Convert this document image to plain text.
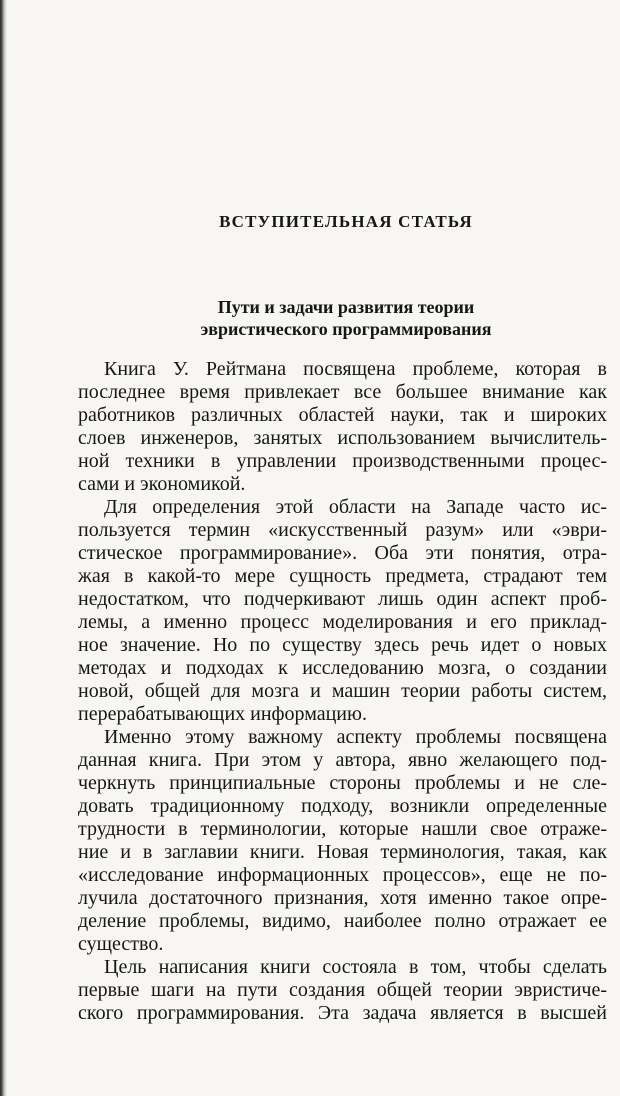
ВСТУПИТЕЛЬНАЯ СТАТЬЯ
Пути и задачи развития теории
эвристического программирования
Книга У. Рейтмана посвящена проблеме, которая в
последнее время привлекает все большее внимание как
работников различных областей науки, так и широких
слоев инженеров, занятых использованием вычислитель-
ной техники в управлении производственными процес-
сами и экономикой.
Для определения этой области на Западе часто ис-
пользуется термин «искусственный разум» или «эври-
стическое программирование». Оба эти понятия, отра-
жая в какой-то мере сущность предмета, страдают тем
недостатком, что подчеркивают лишь один аспект проб-
лемы, а именно процесс моделирования и его приклад-
ное значение. Но по существу здесь речь идет о новых
методах и подходах к исследованию мозга, о создании
новой, общей для мозга и машин теории работы систем,
перерабатывающих информацию.
Именно этому важному аспекту проблемы посвящена
данная книга. При этом у автора, явно желающего под-
черкнуть принципиальные стороны проблемы и не сле-
довать традиционному подходу, возникли определенные
трудности в терминологии, которые нашли свое отраже-
ние и в заглавии книги. Новая терминология, такая, как
«исследование информационных процессов», еще не по-
лучила достаточного признания, хотя именно такое опре-
деление проблемы, видимо, наиболее полно отражает ее
существо.
Цель написания книги состояла в том, чтобы сделать
первые шаги на пути создания общей теории эвристиче-
ского программирования. Эта задача является в высшей
